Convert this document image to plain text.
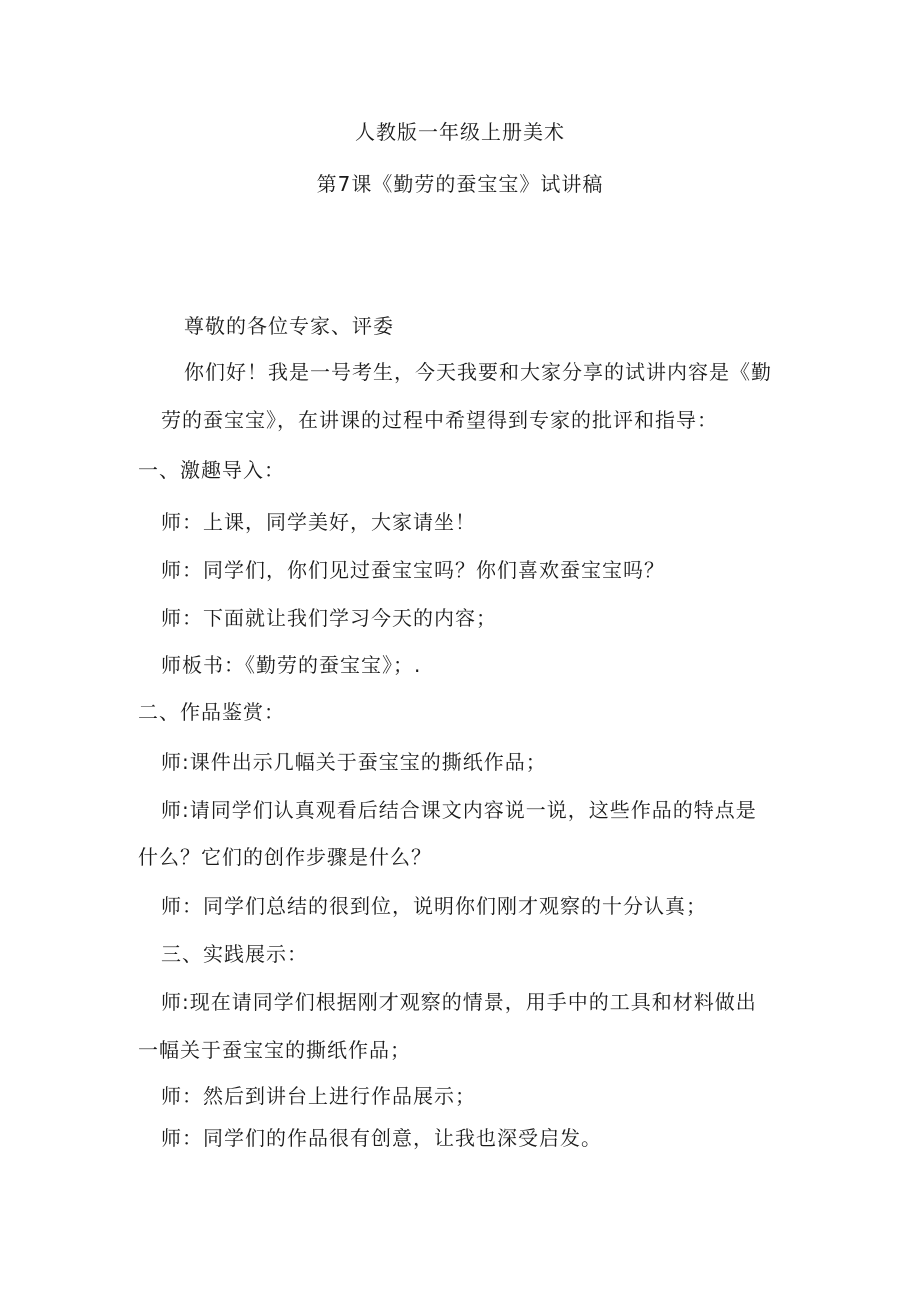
人教版一年级上册美术
第7课《勤劳的蚕宝宝》试讲稿
尊敬的各位专家、评委
你们好！我是一号考生，今天我要和大家分享的试讲内容是《勤
劳的蚕宝宝》，在讲课的过程中希望得到专家的批评和指导：
一、激趣导入：
师：上课，同学美好，大家请坐！
师：同学们，你们见过蚕宝宝吗？你们喜欢蚕宝宝吗？
师：下面就让我们学习今天的内容；
师板书：《勤劳的蚕宝宝》；.
二、作品鉴赏：
师:课件出示几幅关于蚕宝宝的撕纸作品；
师:请同学们认真观看后结合课文内容说一说，这些作品的特点是
什么？它们的创作步骤是什么？
师：同学们总结的很到位，说明你们刚才观察的十分认真；
三、实践展示：
师:现在请同学们根据刚才观察的情景，用手中的工具和材料做出
一幅关于蚕宝宝的撕纸作品；
师：然后到讲台上进行作品展示；
师：同学们的作品很有创意，让我也深受启发。
